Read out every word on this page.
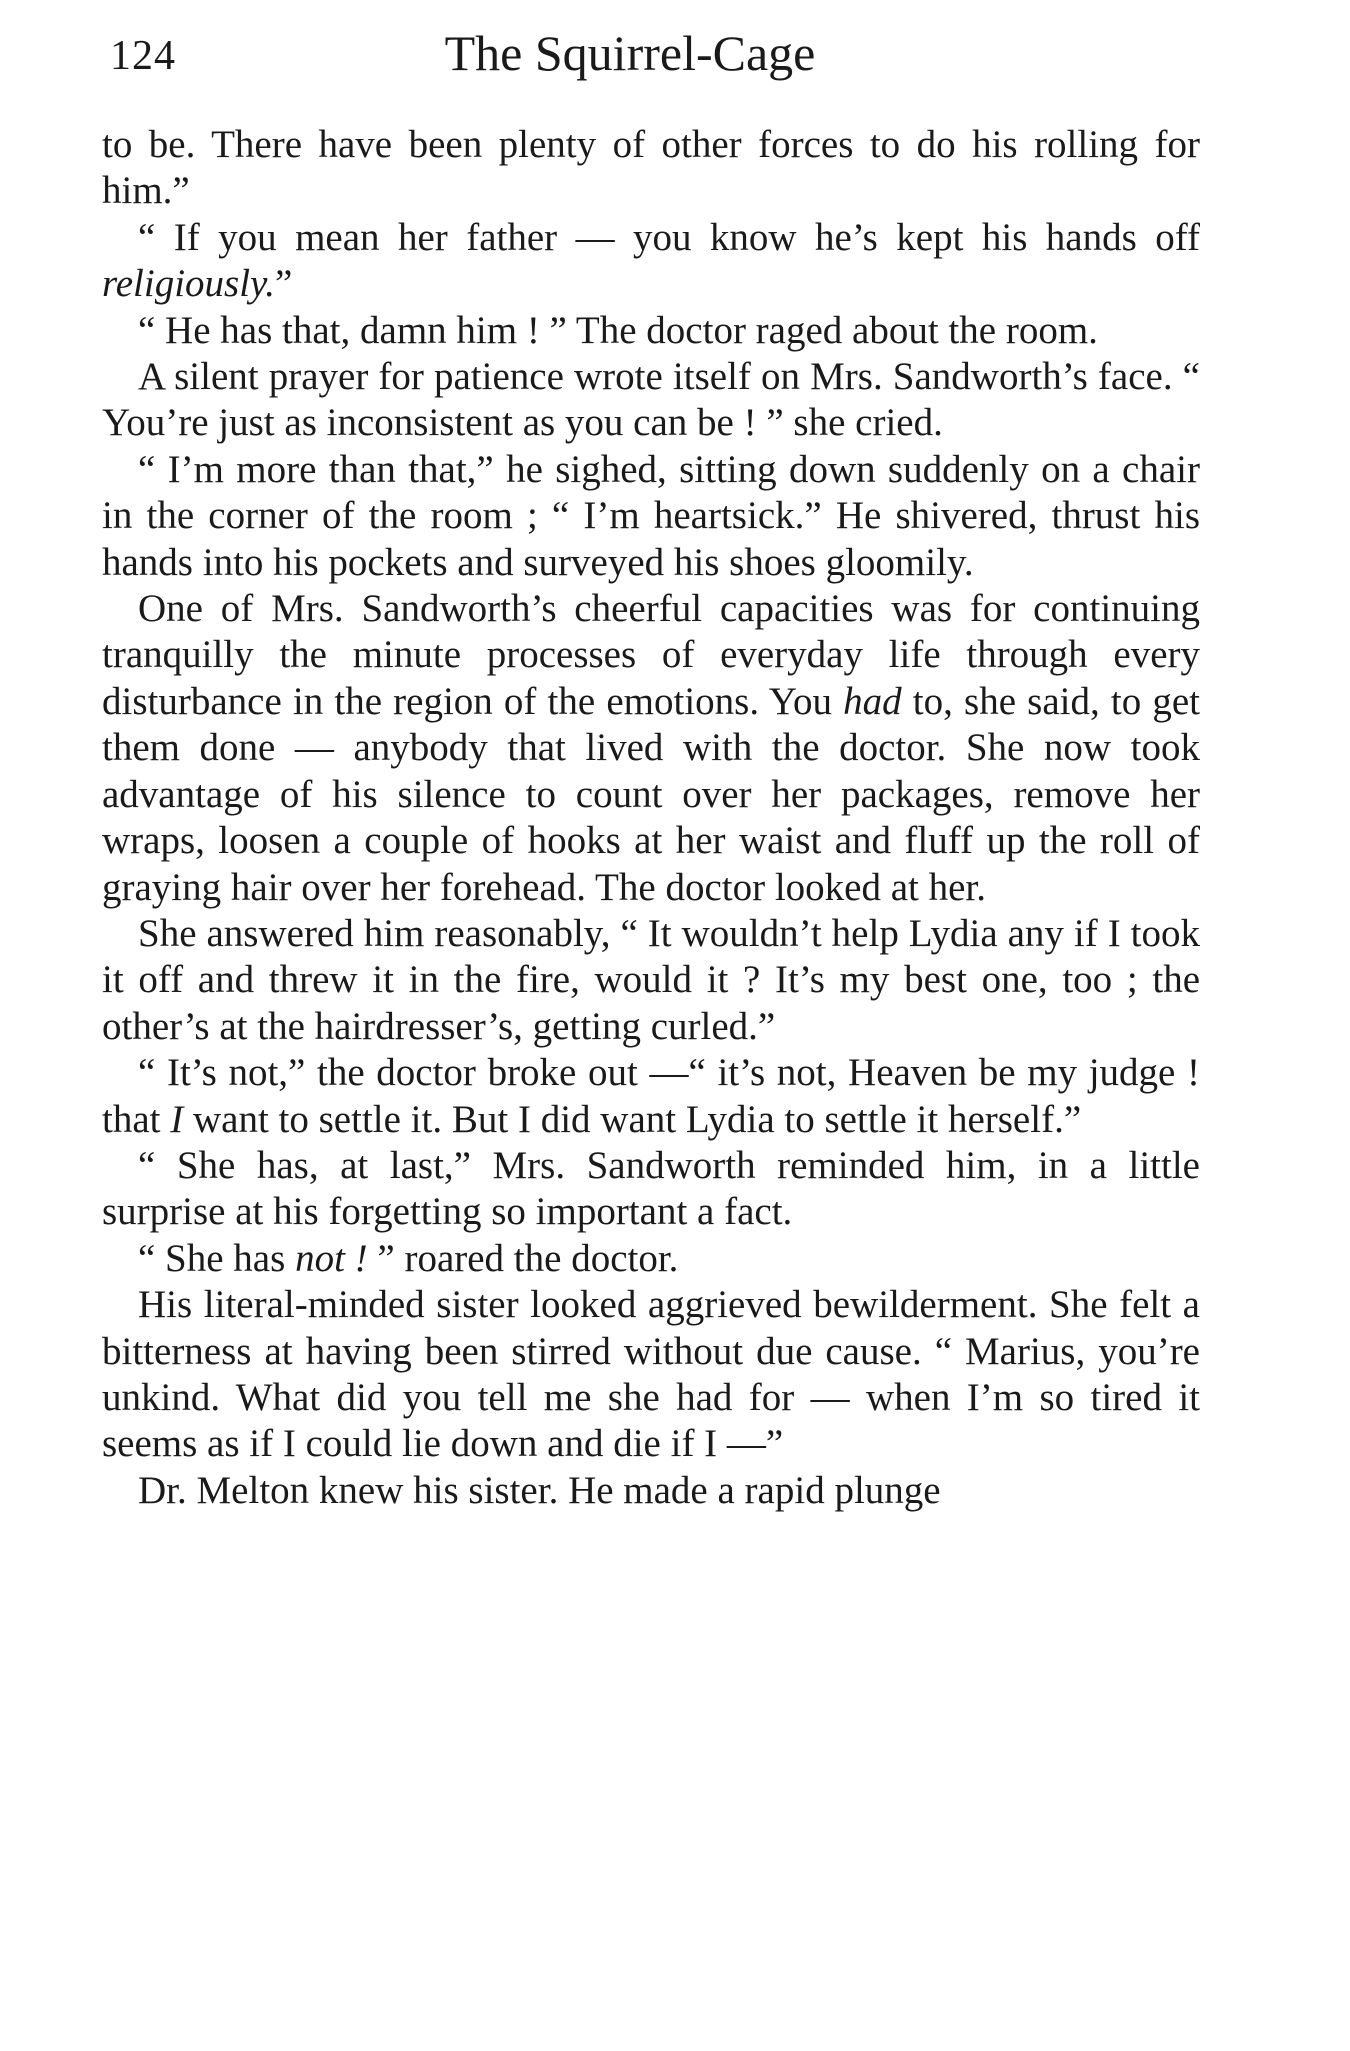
124	The Squirrel-Cage

to be. There have been plenty of other forces to do his rolling for him.”

“ If you mean her father — you know he’s kept his hands off religiously.”

“ He has that, damn him ! ” The doctor raged about the room.

A silent prayer for patience wrote itself on Mrs. Sandworth’s face. “ You’re just as inconsistent as you can be ! ” she cried.

“ I’m more than that,” he sighed, sitting down suddenly on a chair in the corner of the room ; “ I’m heartsick.” He shivered, thrust his hands into his pockets and surveyed his shoes gloomily.

One of Mrs. Sandworth’s cheerful capacities was for continuing tranquilly the minute processes of everyday life through every disturbance in the region of the emotions. You had to, she said, to get them done — anybody that lived with the doctor. She now took advantage of his silence to count over her packages, remove her wraps, loosen a couple of hooks at her waist and fluff up the roll of graying hair over her forehead. The doctor looked at her.

She answered him reasonably, “ It wouldn’t help Lydia any if I took it off and threw it in the fire, would it ? It’s my best one, too ; the other’s at the hairdresser’s, getting curled.”

“ It’s not,” the doctor broke out —“ it’s not, Heaven be my judge ! that I want to settle it. But I did want Lydia to settle it herself.”

“ She has, at last,” Mrs. Sandworth reminded him, in a little surprise at his forgetting so important a fact.

“ She has not ! ” roared the doctor.

His literal-minded sister looked aggrieved bewilderment. She felt a bitterness at having been stirred without due cause. “ Marius, you’re unkind. What did you tell me she had for — when I’m so tired it seems as if I could lie down and die if I —”

Dr. Melton knew his sister. He made a rapid plunge
